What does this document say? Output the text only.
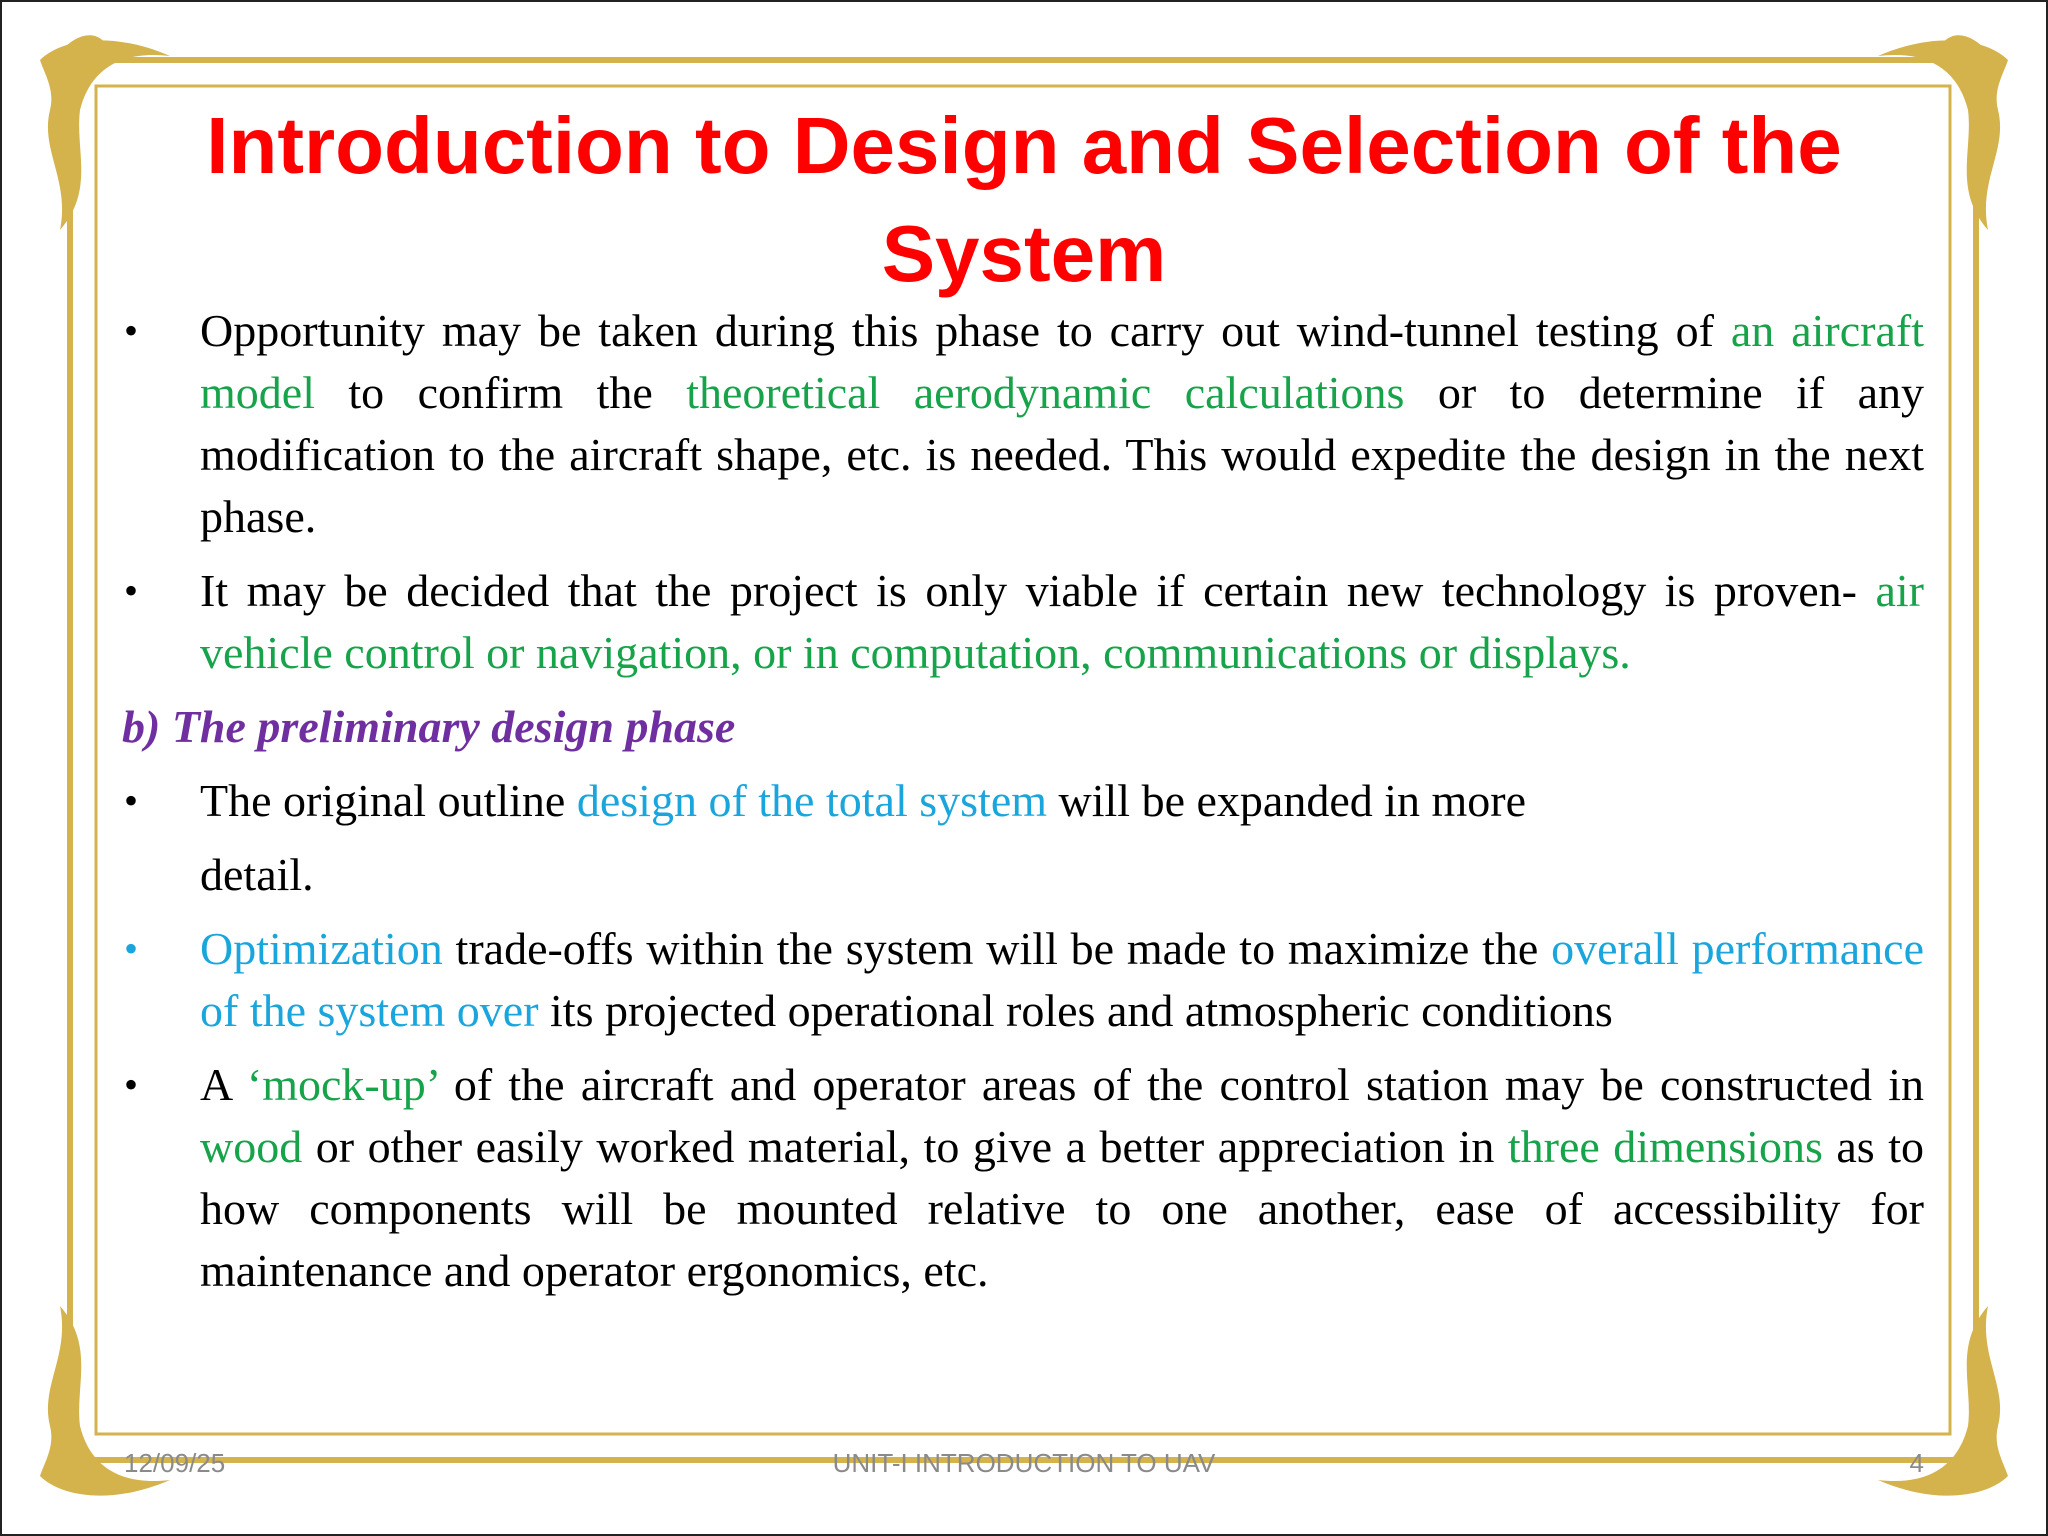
Introduction to Design and Selection of the System
• Opportunity may be taken during this phase to carry out wind-tunnel testing of an aircraft model to confirm the theoretical aerodynamic calculations or to determine if any modification to the aircraft shape, etc. is needed. This would expedite the design in the next phase.
• It may be decided that the project is only viable if certain new technology is proven- air vehicle control or navigation, or in computation, communications or displays.
b) The preliminary design phase
• The original outline design of the total system will be expanded in more
detail.
• Optimization trade-offs within the system will be made to maximize the overall performance of the system over its projected operational roles and atmospheric conditions
• A ‘mock-up’ of the aircraft and operator areas of the control station may be constructed in wood or other easily worked material, to give a better appreciation in three dimensions as to how components will be mounted relative to one another, ease of accessibility for maintenance and operator ergonomics, etc.
12/09/25	UNIT-I INTRODUCTION TO UAV	4
